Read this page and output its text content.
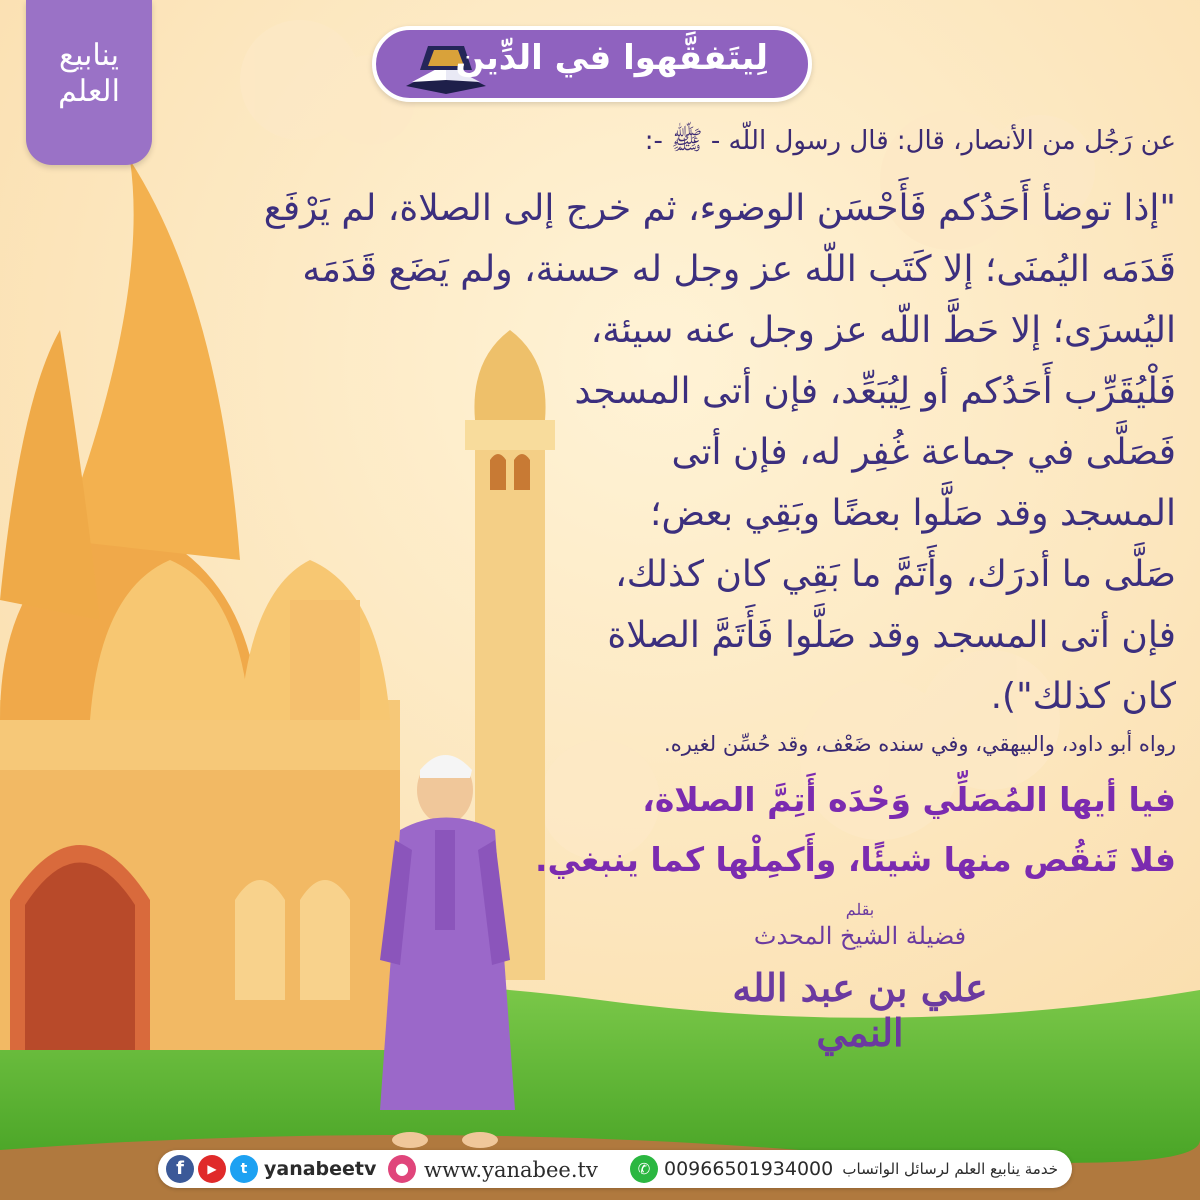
ينابيع العلم
لِيتَفقَّهوا في الدِّين
عن رَجُل من الأنصار، قال: قال رسول اللّه - ﷺ -:
"إذا توضأ أَحَدُكم فَأَحْسَن الوضوء، ثم خرج إلى الصلاة، لم يَرْفَع
قَدَمَه اليُمنَى؛ إلا كَتَب اللّه عز وجل له حسنة، ولم يَضَع قَدَمَه
اليُسرَى؛ إلا حَطَّ اللّه عز وجل عنه سيئة،
فَلْيُقَرِّب أَحَدُكم أو لِيُبَعِّد، فإن أتى المسجد
فَصَلَّى في جماعة غُفِر له، فإن أتى
المسجد وقد صَلَّوا بعضًا وبَقِي بعض؛
صَلَّى ما أدرَك، وأَتَمَّ ما بَقِي كان كذلك،
فإن أتى المسجد وقد صَلَّوا فَأَتَمَّ الصلاة
كان كذلك").
رواه أبو داود، والبيهقي، وفي سنده ضَعْف، وقد حُسِّن لغيره.
فيا أيها المُصَلِّي وَحْدَه أَتِمَّ الصلاة،
فلا تَنقُص منها شيئًا، وأَكمِلْها كما ينبغي.
بقلم
فضيلة الشيخ المحدث
علي بن عبد الله النمي
f	▶	t yanabeetv	● www.yanabee.tv	✆ 00966501934000 خدمة ينابيع العلم لرسائل الواتساب
